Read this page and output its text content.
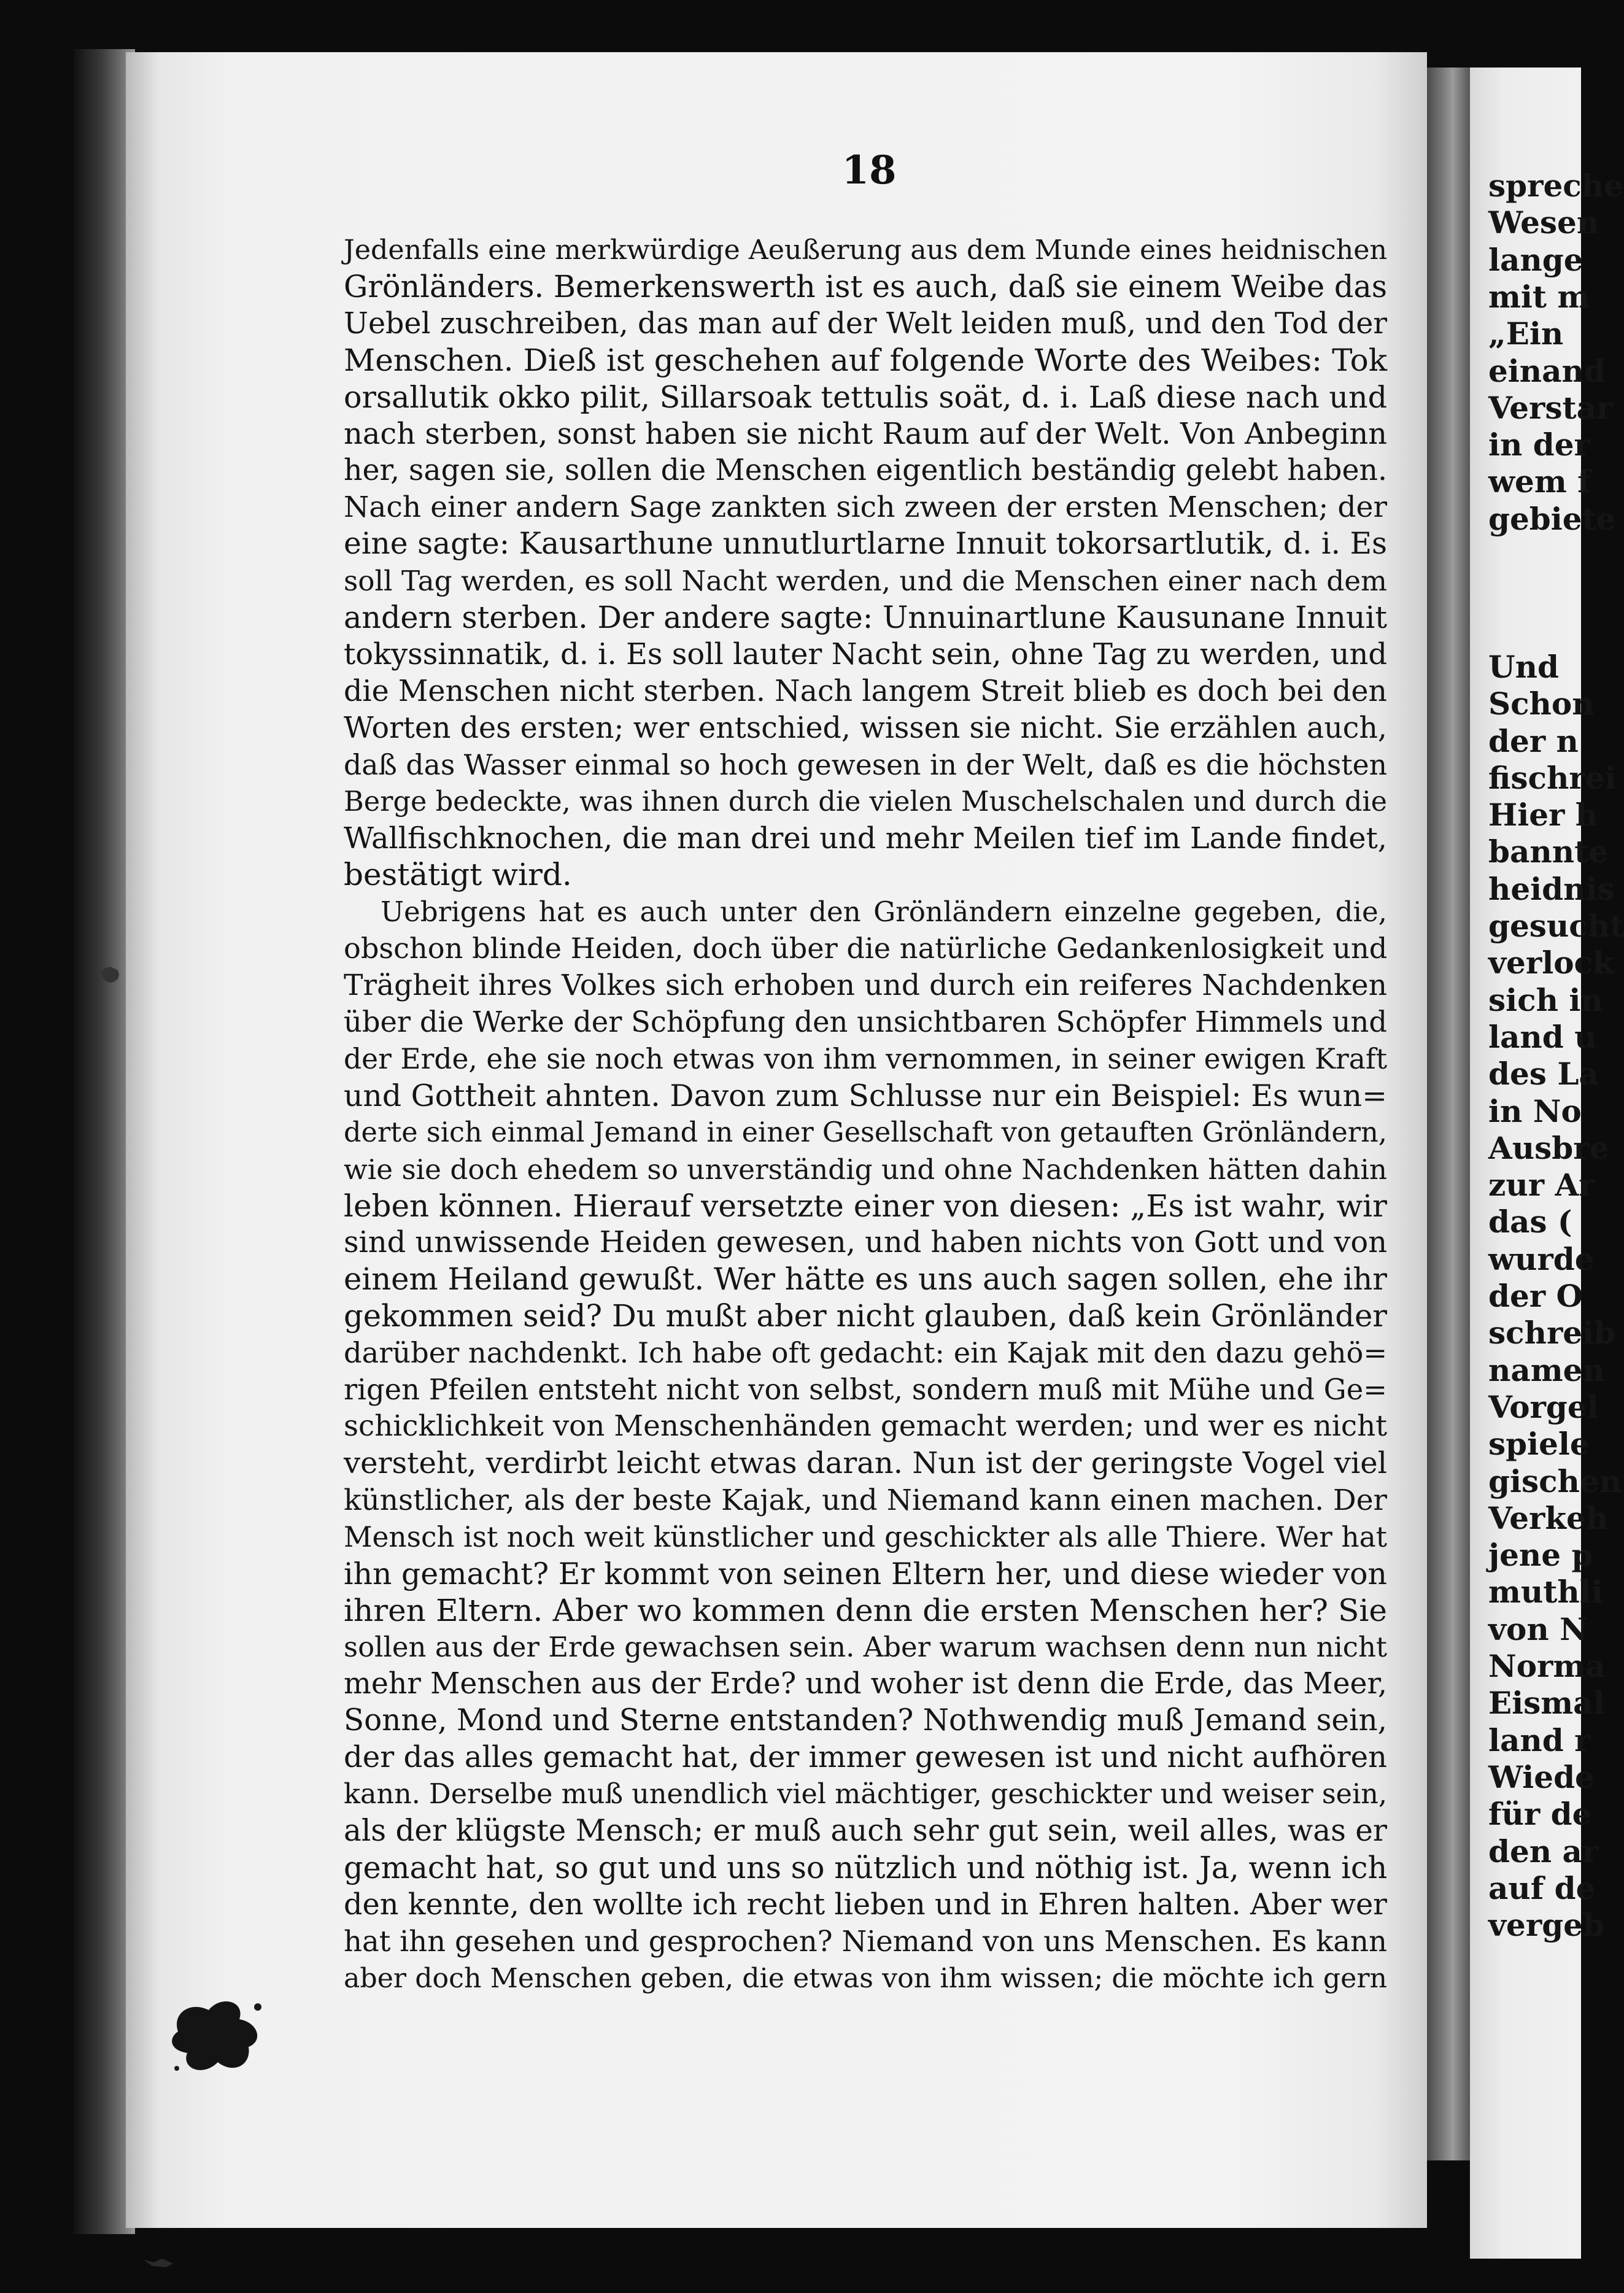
18
Jedenfalls eine merkwürdige Aeußerung aus dem Munde eines heidnischen
Grönländers. Bemerkenswerth ist es auch, daß sie einem Weibe das
Uebel zuschreiben, das man auf der Welt leiden muß, und den Tod der
Menschen. Dieß ist geschehen auf folgende Worte des Weibes: Tok
orsallutik okko pilit, Sillarsoak tettulis soät, d. i. Laß diese nach und
nach sterben, sonst haben sie nicht Raum auf der Welt. Von Anbeginn
her, sagen sie, sollen die Menschen eigentlich beständig gelebt haben.
Nach einer andern Sage zankten sich zween der ersten Menschen; der
eine sagte: Kausarthune unnutlurtlarne Innuit tokorsartlutik, d. i. Es
soll Tag werden, es soll Nacht werden, und die Menschen einer nach dem
andern sterben. Der andere sagte: Unnuinartlune Kausunane Innuit
tokyssinnatik, d. i. Es soll lauter Nacht sein, ohne Tag zu werden, und
die Menschen nicht sterben. Nach langem Streit blieb es doch bei den
Worten des ersten; wer entschied, wissen sie nicht. Sie erzählen auch,
daß das Wasser einmal so hoch gewesen in der Welt, daß es die höchsten
Berge bedeckte, was ihnen durch die vielen Muschelschalen und durch die
Wallfischknochen, die man drei und mehr Meilen tief im Lande findet,
bestätigt wird.
Uebrigens hat es auch unter den Grönländern einzelne gegeben, die,
obschon blinde Heiden, doch über die natürliche Gedankenlosigkeit und
Trägheit ihres Volkes sich erhoben und durch ein reiferes Nachdenken
über die Werke der Schöpfung den unsichtbaren Schöpfer Himmels und
der Erde, ehe sie noch etwas von ihm vernommen, in seiner ewigen Kraft
und Gottheit ahnten. Davon zum Schlusse nur ein Beispiel: Es wun=
derte sich einmal Jemand in einer Gesellschaft von getauften Grönländern,
wie sie doch ehedem so unverständig und ohne Nachdenken hätten dahin
leben können. Hierauf versetzte einer von diesen: „Es ist wahr, wir
sind unwissende Heiden gewesen, und haben nichts von Gott und von
einem Heiland gewußt. Wer hätte es uns auch sagen sollen, ehe ihr
gekommen seid? Du mußt aber nicht glauben, daß kein Grönländer
darüber nachdenkt. Ich habe oft gedacht: ein Kajak mit den dazu gehö=
rigen Pfeilen entsteht nicht von selbst, sondern muß mit Mühe und Ge=
schicklichkeit von Menschenhänden gemacht werden; und wer es nicht
versteht, verdirbt leicht etwas daran. Nun ist der geringste Vogel viel
künstlicher, als der beste Kajak, und Niemand kann einen machen. Der
Mensch ist noch weit künstlicher und geschickter als alle Thiere. Wer hat
ihn gemacht? Er kommt von seinen Eltern her, und diese wieder von
ihren Eltern. Aber wo kommen denn die ersten Menschen her? Sie
sollen aus der Erde gewachsen sein. Aber warum wachsen denn nun nicht
mehr Menschen aus der Erde? und woher ist denn die Erde, das Meer,
Sonne, Mond und Sterne entstanden? Nothwendig muß Jemand sein,
der das alles gemacht hat, der immer gewesen ist und nicht aufhören
kann. Derselbe muß unendlich viel mächtiger, geschickter und weiser sein,
als der klügste Mensch; er muß auch sehr gut sein, weil alles, was er
gemacht hat, so gut und uns so nützlich und nöthig ist. Ja, wenn ich
den kennte, den wollte ich recht lieben und in Ehren halten. Aber wer
hat ihn gesehen und gesprochen? Niemand von uns Menschen. Es kann
aber doch Menschen geben, die etwas von ihm wissen; die möchte ich gern
spreche
Wesen
lange
mit m
„Ein
einand
Verstar
in der
wem f
gebiete
Und
Schon
der n
fischrei
Hier h
bannte
heidnis
gesucht
verlock
sich in
land u
des La
in No
Ausbre
zur Ar
das (
wurde
der O
schreib
namen
Vorgel
spiele
gischen
Verkeh
jene p
muthli
von N
Norma
Eismal
land r
Wiede
für de
den ar
auf de
vergeb
